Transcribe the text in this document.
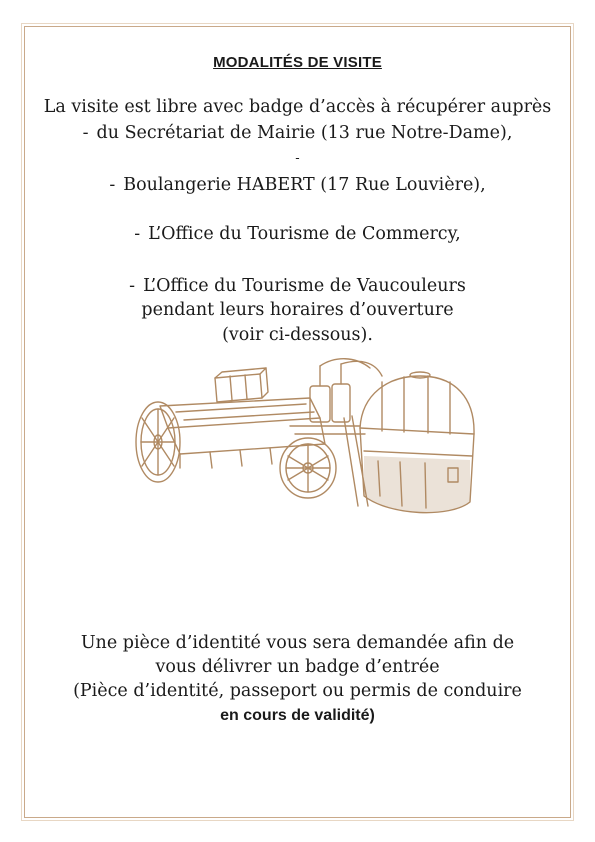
MODALITÉS DE VISITE
La visite est libre avec badge d’accès à récupérer auprès
- du Secrétariat de Mairie (13 rue Notre-Dame),
-
- Boulangerie HABERT (17 Rue Louvière),
- L’Office du Tourisme de Commercy,
- L’Office du Tourisme de Vaucouleurs
pendant leurs horaires d’ouverture
(voir ci-dessous).
Une pièce d’identité vous sera demandée afin de
vous délivrer un badge d’entrée
(Pièce d’identité, passeport ou permis de conduire
en cours de validité)
